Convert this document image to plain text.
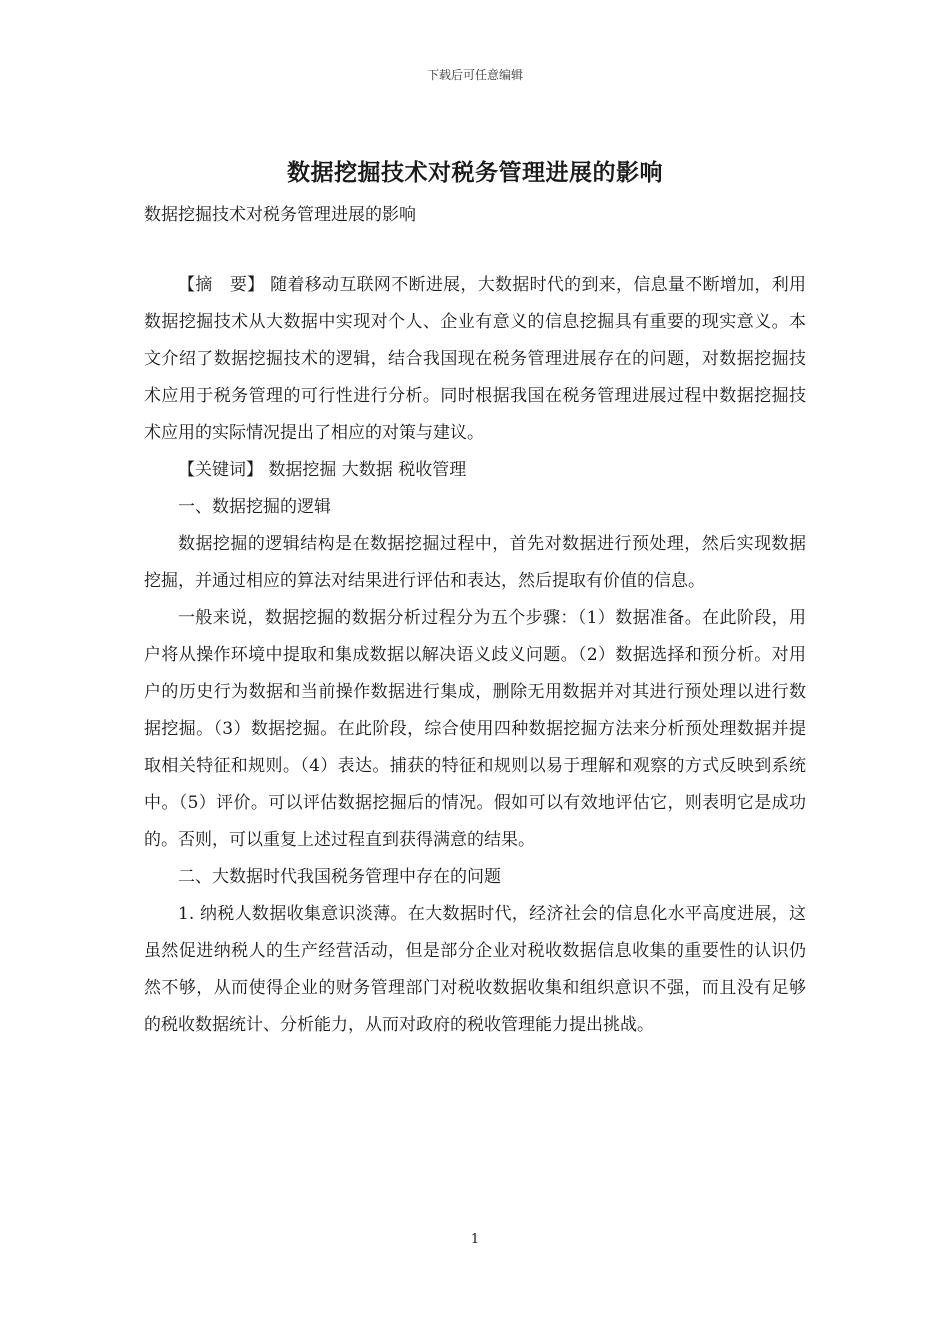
下载后可任意编辑
数据挖掘技术对税务管理进展的影响
数据挖掘技术对税务管理进展的影响

【摘　要】 随着移动互联网不断进展，大数据时代的到来，信息量不断增加，利用数据挖掘技术从大数据中实现对个人、企业有意义的信息挖掘具有重要的现实意义。本文介绍了数据挖掘技术的逻辑，结合我国现在税务管理进展存在的问题，对数据挖掘技术应用于税务管理的可行性进行分析。同时根据我国在税务管理进展过程中数据挖掘技术应用的实际情况提出了相应的对策与建议。

【关键词】 数据挖掘 大数据 税收管理

一、数据挖掘的逻辑

数据挖掘的逻辑结构是在数据挖掘过程中，首先对数据进行预处理，然后实现数据挖掘，并通过相应的算法对结果进行评估和表达，然后提取有价值的信息。

一般来说，数据挖掘的数据分析过程分为五个步骤：（1）数据准备。在此阶段，用户将从操作环境中提取和集成数据以解决语义歧义问题。（2）数据选择和预分析。对用户的历史行为数据和当前操作数据进行集成，删除无用数据并对其进行预处理以进行数据挖掘。（3）数据挖掘。在此阶段，综合使用四种数据挖掘方法来分析预处理数据并提取相关特征和规则。（4）表达。捕获的特征和规则以易于理解和观察的方式反映到系统中。（5）评价。可以评估数据挖掘后的情况。假如可以有效地评估它，则表明它是成功的。否则，可以重复上述过程直到获得满意的结果。

二、大数据时代我国税务管理中存在的问题

1. 纳税人数据收集意识淡薄。在大数据时代，经济社会的信息化水平高度进展，这虽然促进纳税人的生产经营活动，但是部分企业对税收数据信息收集的重要性的认识仍然不够，从而使得企业的财务管理部门对税收数据收集和组织意识不强，而且没有足够的税收数据统计、分析能力，从而对政府的税收管理能力提出挑战。

1
